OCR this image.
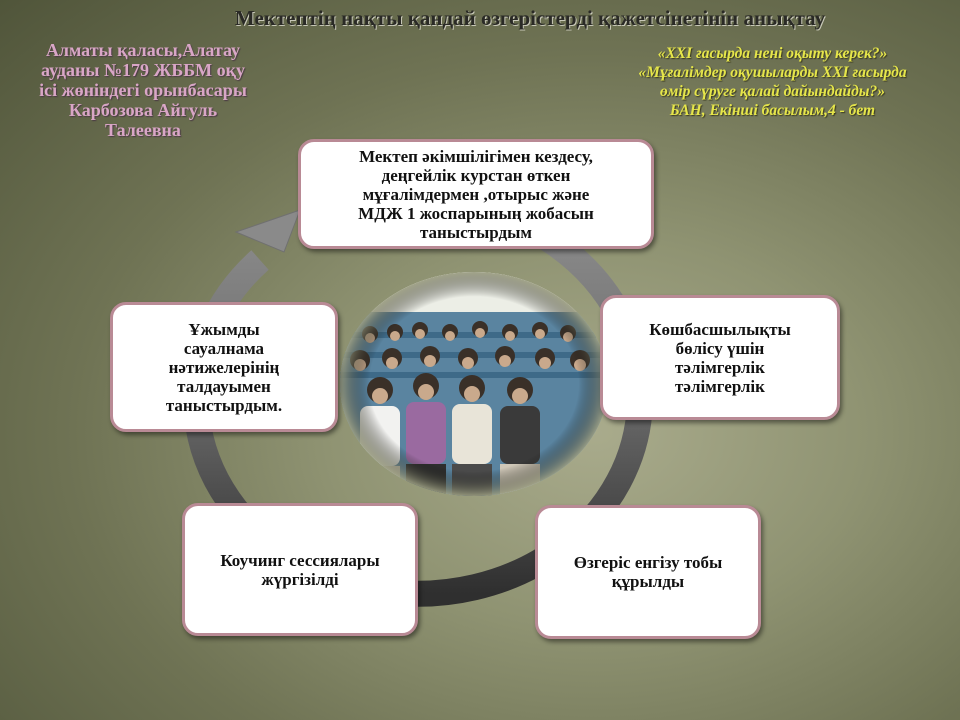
Мектептің нақты қандай өзгерістерді қажетсінетінін анықтау
Алматы қаласы,Алатау
ауданы №179 ЖББМ оқу
ісі жөніндегі орынбасары
Карбозова Айгуль
Талеевна
«XXI ғасырда нені оқыту керек?»
«Мұғалімдер оқушыларды XXI ғасырда
өмір сүруге қалай дайындайды?»
БАН, Екінші басылым,4 - бет
Мектеп әкімшілігімен кездесу,
деңгейлік курстан өткен
мұғалімдермен ,отырыс және
МДЖ 1 жоспарының жобасын
таныстырдым
Көшбасшылықты
бөлісу үшін
тәлімгерлік
тәлімгерлік
Өзгеріс енгізу тобы
құрылды
Коучинг сессиялары
жүргізілді
Ұжымды
сауалнама
нәтижелерінің
талдауымен
таныстырдым.
